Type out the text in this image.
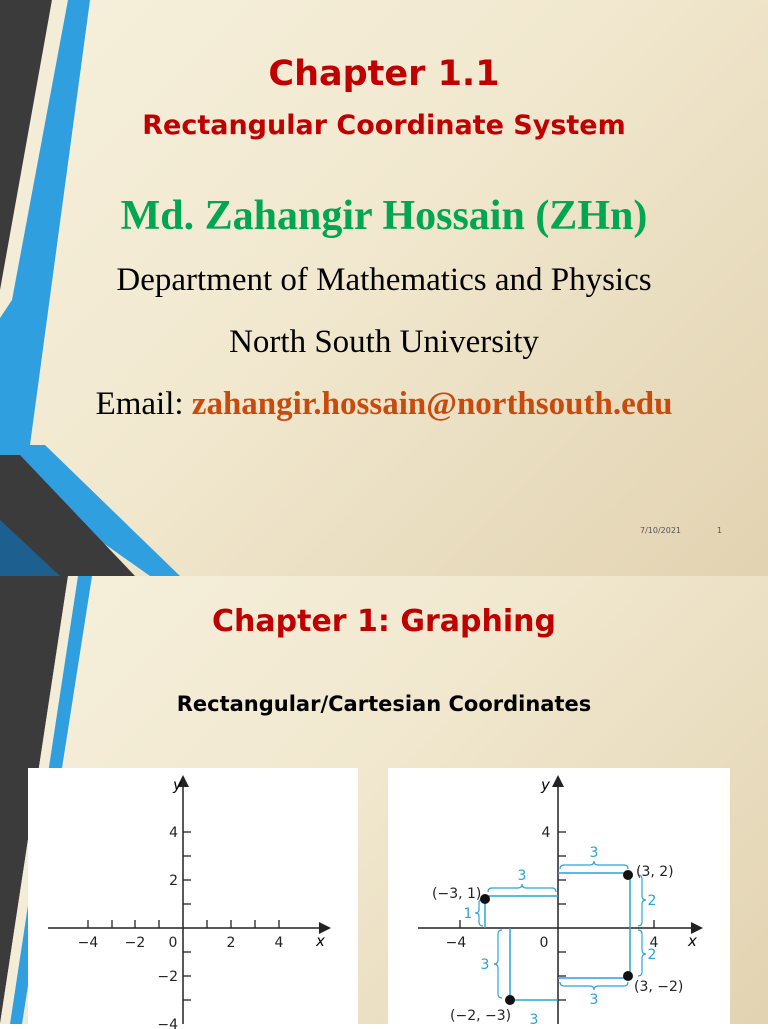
Chapter 1.1
Rectangular Coordinate System
Md. Zahangir Hossain (ZHn)
Department of Mathematics and Physics
North South University
Email: zahangir.hossain@northsouth.edu
7/10/2021	1
Chapter 1: Graphing
Rectangular/Cartesian Coordinates
y
x
−4 −2 0	2	4
4
2
−2
−4
3
3
1
3
2
2
3
3
(3, 2)
(−3, 1)
(3, −2)
(−2, −3)
y
x
−4	0	4
4
